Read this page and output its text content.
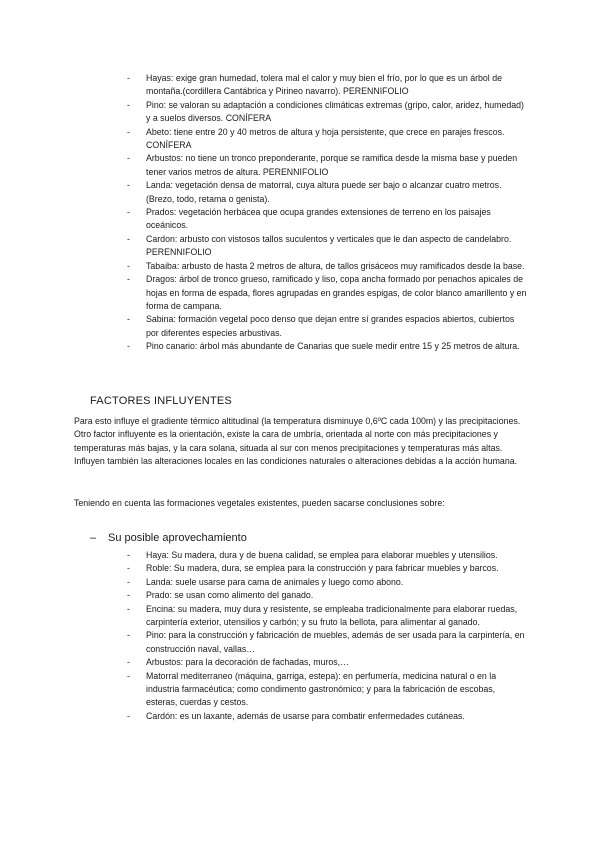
- Hayas: exige gran humedad, tolera mal el calor y muy bien el frío, por lo que es un árbol de montaña.(cordillera Cantábrica y Pirineo navarro). PERENNIFOLIO
- Pino: se valoran su adaptación a condiciones climáticas extremas (gripo, calor, aridez, humedad) y a suelos diversos. CONÍFERA
- Abeto: tiene entre 20 y 40 metros de altura y hoja persistente, que crece en parajes frescos. CONÍFERA
- Arbustos: no tiene un tronco preponderante, porque se ramifica desde la misma base y pueden tener varios metros de altura. PERENNIFOLIO
- Landa: vegetación densa de matorral, cuya altura puede ser bajo o alcanzar cuatro metros. (Brezo, todo, retama o genista).
- Prados: vegetación herbácea que ocupa grandes extensiones de terreno en los paisajes oceánicos.
- Cardon: arbusto con vistosos tallos suculentos y verticales que le dan aspecto de candelabro. PERENNIFOLIO
- Tabaiba: arbusto de hasta 2 metros de altura, de tallos grisáceos muy ramificados desde la base.
- Dragos: árbol de tronco grueso, ramificado y liso, copa ancha formado por penachos apicales de hojas en forma de espada, flores agrupadas en grandes espigas, de color blanco amarillento y en forma de campana.
- Sabina: formación vegetal poco denso que dejan entre sí grandes espacios abiertos, cubiertos por diferentes especies arbustivas.
- Pino canario: árbol más abundante de Canarias que suele medir entre 15 y 25 metros de altura.
FACTORES INFLUYENTES

Para esto influye el gradiente térmico altitudinal (la temperatura disminuye 0,6ºC cada 100m) y las precipitaciones. Otro factor influyente es la orientación, existe la cara de umbría, orientada al norte con más precipitaciones y temperaturas más bajas, y la cara solana, situada al sur con menos precipitaciones y temperaturas más altas. Influyen también las alteraciones locales en las condiciones naturales o alteraciones debidas a la acción humana.

Teniendo en cuenta las formaciones vegetales existentes, pueden sacarse conclusiones sobre:

– Su posible aprovechamiento
- Haya: Su madera, dura y de buena calidad, se emplea para elaborar muebles y utensilios.
- Roble: Su madera, dura, se emplea para la construcción y para fabricar muebles y barcos.
- Landa: suele usarse para cama de animales y luego como abono.
- Prado: se usan como alimento del ganado.
- Encina: su madera, muy dura y resistente, se empleaba tradicionalmente para elaborar ruedas, carpintería exterior, utensilios y carbón; y su fruto la bellota, para alimentar al ganado.
- Pino: para la construcción y fabricación de muebles, además de ser usada para la carpintería, en construcción naval, vallas…
- Arbustos: para la decoración de fachadas, muros,…
- Matorral mediterraneo (máquina, garriga, estepa): en perfumería, medicina natural o en la industria farmacéutica; como condimento gastronómico; y para la fabricación de escobas, esteras, cuerdas y cestos.
- Cardón: es un laxante, además de usarse para combatir enfermedades cutáneas.
